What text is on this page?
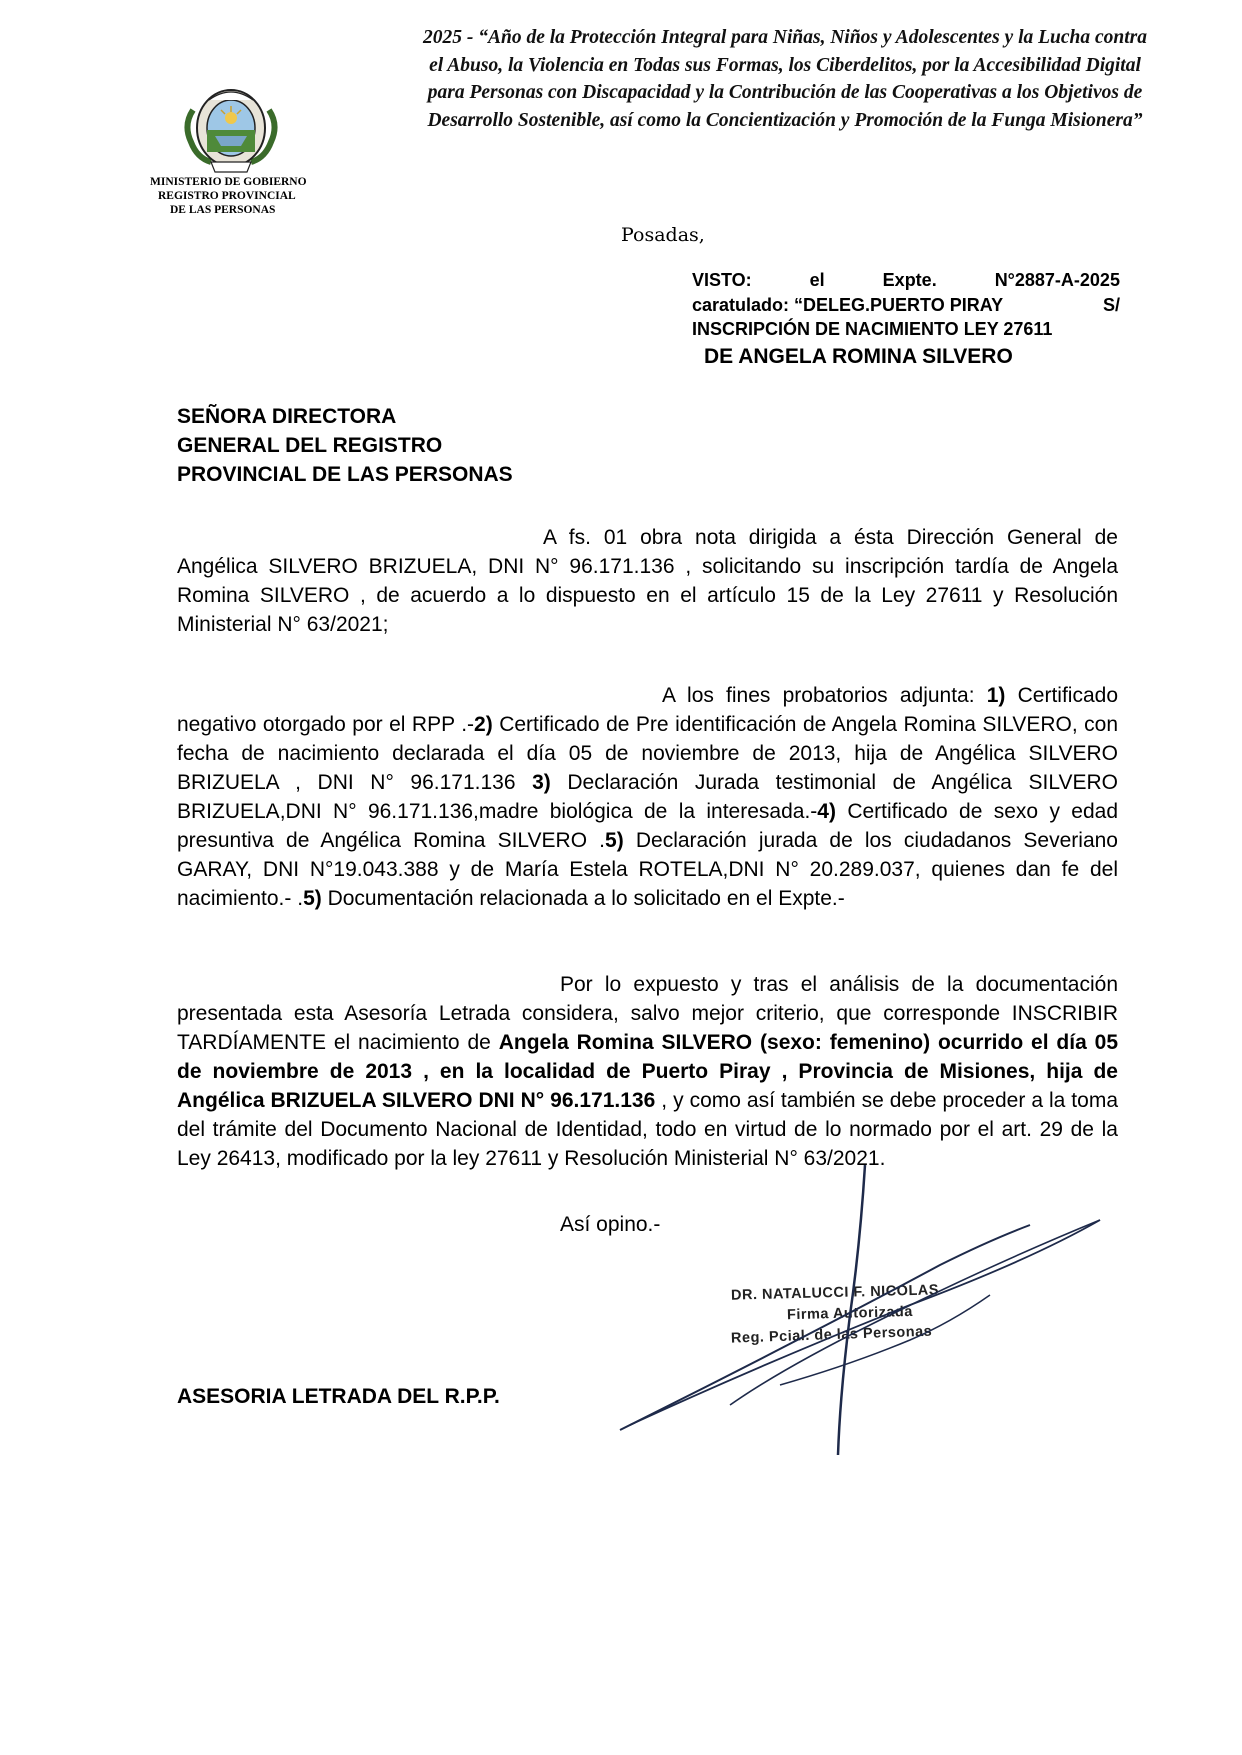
MINISTERIO DE GOBIERNO
REGISTRO PROVINCIAL
DE LAS PERSONAS
2025 - “Año de la Protección Integral para Niñas, Niños y Adolescentes y la Lucha contra el Abuso, la Violencia en Todas sus Formas, los Ciberdelitos, por la Accesibilidad Digital para Personas con Discapacidad y la Contribución de las Cooperativas a los Objetivos de Desarrollo Sostenible, así como la Concientización y Promoción de la Funga Misionera”
Posadas,
VISTO:	el	Expte.	N°2887-A-2025
caratulado: “DELEG.PUERTO PIRAY	S/
INSCRIPCIÓN DE NACIMIENTO LEY 27611
DE ANGELA ROMINA SILVERO
SEÑORA DIRECTORA
GENERAL DEL REGISTRO
PROVINCIAL DE LAS PERSONAS
A fs. 01 obra nota dirigida a ésta Dirección General de Angélica SILVERO BRIZUELA, DNI N° 96.171.136 , solicitando su inscripción tardía de Angela Romina SILVERO , de acuerdo a lo dispuesto en el artículo 15 de la Ley 27611 y Resolución Ministerial N° 63/2021;
A los fines probatorios adjunta: 1) Certificado negativo otorgado por el RPP .-2) Certificado de Pre identificación de Angela Romina SILVERO, con fecha de nacimiento declarada el día 05 de noviembre de 2013, hija de Angélica SILVERO BRIZUELA , DNI N° 96.171.136 3) Declaración Jurada testimonial de Angélica SILVERO BRIZUELA,DNI N° 96.171.136,madre biológica de la interesada.-4) Certificado de sexo y edad presuntiva de Angélica Romina SILVERO .5) Declaración jurada de los ciudadanos Severiano GARAY, DNI N°19.043.388 y de María Estela ROTELA,DNI N° 20.289.037, quienes dan fe del nacimiento.- .5) Documentación relacionada a lo solicitado en el Expte.-
Por lo expuesto y tras el análisis de la documentación presentada esta Asesoría Letrada considera, salvo mejor criterio, que corresponde INSCRIBIR TARDÍAMENTE el nacimiento de Angela Romina SILVERO (sexo: femenino) ocurrido el día 05 de noviembre de 2013 , en la localidad de Puerto Piray , Provincia de Misiones, hija de Angélica BRIZUELA SILVERO DNI N° 96.171.136 , y como así también se debe proceder a la toma del trámite del Documento Nacional de Identidad, todo en virtud de lo normado por el art. 29 de la Ley 26413, modificado por la ley 27611 y Resolución Ministerial N° 63/2021.
Así opino.-
DR. NATALUCCI F. NICOLAS
Firma Autorizada
Reg. Pcial. de las Personas
ASESORIA LETRADA DEL R.P.P.
